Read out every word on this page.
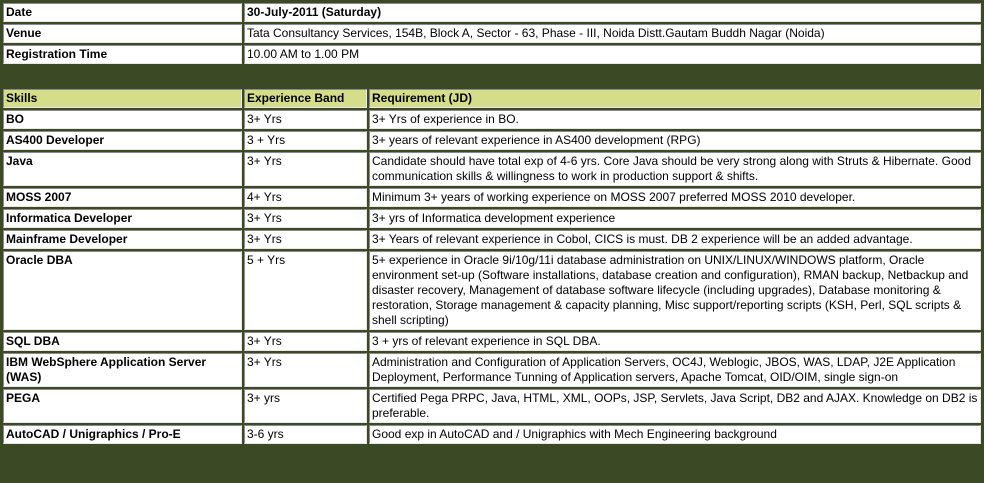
Date	30-July-2011 (Saturday)
Venue	Tata Consultancy Services, 154B, Block A, Sector - 63, Phase - III, Noida Distt.Gautam Buddh Nagar (Noida)
Registration Time	10.00 AM to 1.00 PM
Skills	Experience Band	Requirement (JD)
BO	3+ Yrs	3+ Yrs of experience in BO.
AS400 Developer	3 + Yrs	3+ years of relevant experience in AS400 development (RPG)
Java	3+ Yrs	Candidate should have total exp of 4-6 yrs. Core Java should be very strong along with Struts & Hibernate. Good communication skills & willingness to work in production support & shifts.
MOSS 2007	4+ Yrs	Minimum 3+ years of working experience on MOSS 2007 preferred MOSS 2010 developer.
Informatica Developer	3+ Yrs	3+ yrs of Informatica development experience
Mainframe Developer	3+ Yrs	3+ Years of relevant experience in Cobol, CICS is must. DB 2 experience will be an added advantage.
Oracle DBA	5 + Yrs	5+ experience in Oracle 9i/10g/11i database administration on UNIX/LINUX/WINDOWS platform, Oracle environment set-up (Software installations, database creation and configuration), RMAN backup, Netbackup and disaster recovery, Management of database software lifecycle (including upgrades), Database monitoring & restoration, Storage management & capacity planning, Misc support/reporting scripts (KSH, Perl, SQL scripts & shell scripting)
SQL DBA	3+ Yrs	3 + yrs of relevant experience in SQL DBA.
IBM WebSphere Application Server (WAS)	3+ Yrs	Administration and Configuration of Application Servers, OC4J, Weblogic, JBOS, WAS, LDAP, J2E Application Deployment, Performance Tunning of Application servers, Apache Tomcat, OID/OIM, single sign-on
PEGA	3+ yrs	Certified Pega PRPC, Java, HTML, XML, OOPs, JSP, Servlets, Java Script, DB2 and AJAX. Knowledge on DB2 is preferable.
AutoCAD / Unigraphics / Pro-E	3-6 yrs	Good exp in AutoCAD and / Unigraphics with Mech Engineering background
